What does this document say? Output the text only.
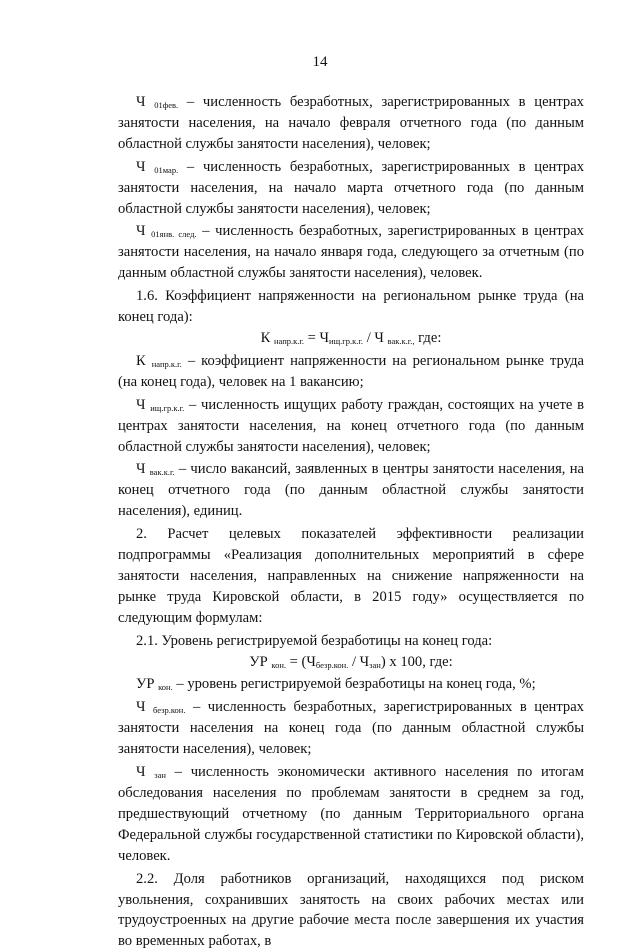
14

Ч $_{01фев.}$ – численность безработных, зарегистрированных в центрах занятости населения, на начало февраля отчетного года (по данным областной службы занятости населения), человек;

Ч $_{01мар.}$ – численность безработных, зарегистрированных в центрах занятости населения, на начало марта отчетного года (по данным областной службы занятости населения), человек;

Ч $_{01янв. след.}$ – численность безработных, зарегистрированных в центрах занятости населения, на начало января года, следующего за отчетным (по данным областной службы занятости населения), человек.

1.6. Коэффициент напряженности на региональном рынке труда (на конец года):

К $_{напр.к.г.} = Ч_{ищ.гр.к.г.} / Ч$ $_{вак.к.г.,}$ где:

К $_{напр.к.г.}$ – коэффициент напряженности на региональном рынке труда (на конец года), человек на 1 вакансию;

Ч $_{ищ.гр.к.г.}$ – численность ищущих работу граждан, состоящих на учете в центрах занятости населения, на конец отчетного года (по данным областной службы занятости населения), человек;

Ч $_{вак.к.г.}$ – число вакансий, заявленных в центры занятости населения, на конец отчетного года (по данным областной службы занятости населения), единиц.

2. Расчет целевых показателей эффективности реализации подпрограммы «Реализация дополнительных мероприятий в сфере занятости населения, направленных на снижение напряженности на рынке труда Кировской области, в 2015 году» осуществляется по следующим формулам:

2.1. Уровень регистрируемой безработицы на конец года:

УР $_{кон.} = (Ч_{безр.кон.} / Ч_{зан})$ х 100, где:

УР $_{кон.}$ – уровень регистрируемой безработицы на конец года, %;

Ч $_{безр.кон.}$ – численность безработных, зарегистрированных в центрах занятости населения на конец года (по данным областной службы занятости населения), человек;

Ч $_{зан}$ – численность экономически активного населения по итогам обследования населения по проблемам занятости в среднем за год, предшествующий отчетному (по данным Территориального органа Федеральной службы государственной статистики по Кировской области), человек.

2.2. Доля работников организаций, находящихся под риском увольнения, сохранивших занятость на своих рабочих местах или трудоустроенных на другие рабочие места после завершения их участия во временных работах, в
